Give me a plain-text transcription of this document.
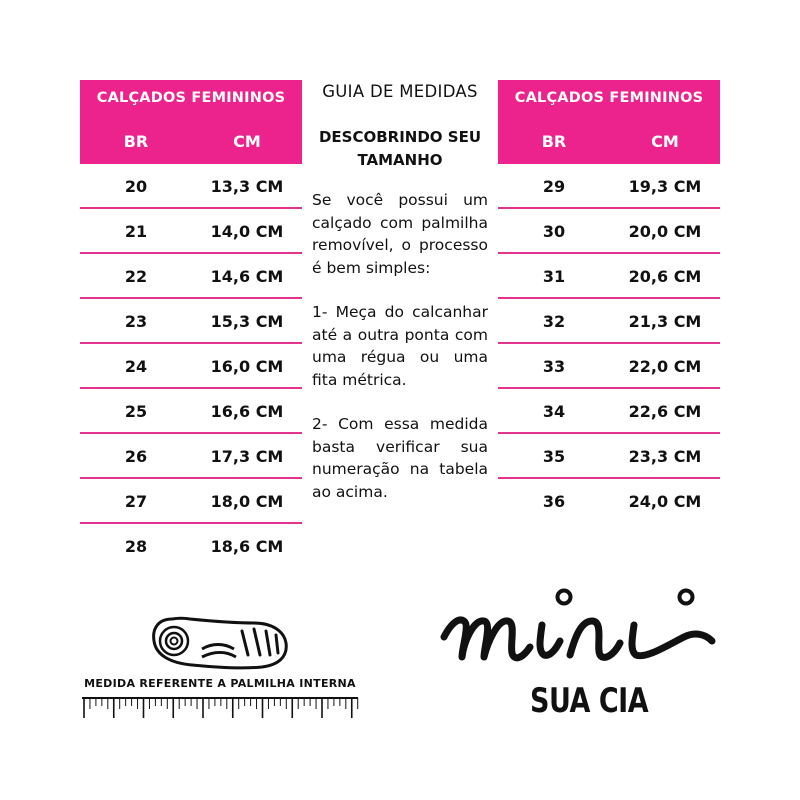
CALÇADOS FEMININOS
BR	CM
20	13,3 CM
21	14,0 CM
22	14,6 CM
23	15,3 CM
24	16,0 CM
25	16,6 CM
26	17,3 CM
27	18,0 CM
28	18,6 CM
GUIA DE MEDIDAS
DESCOBRINDO SEU TAMANHO
Se você possui um calçado com palmilha removível, o processo é bem simples:
1- Meça do calcanhar até a outra ponta com uma régua ou uma fita métrica.
2- Com essa medida basta verificar sua numeração na tabela ao acima.
CALÇADOS FEMININOS
BR	CM
29	19,3 CM
30	20,0 CM
31	20,6 CM
32	21,3 CM
33	22,0 CM
34	22,6 CM
35	23,3 CM
36	24,0 CM
MEDIDA REFERENTE A PALMILHA INTERNA	SUA CIA
